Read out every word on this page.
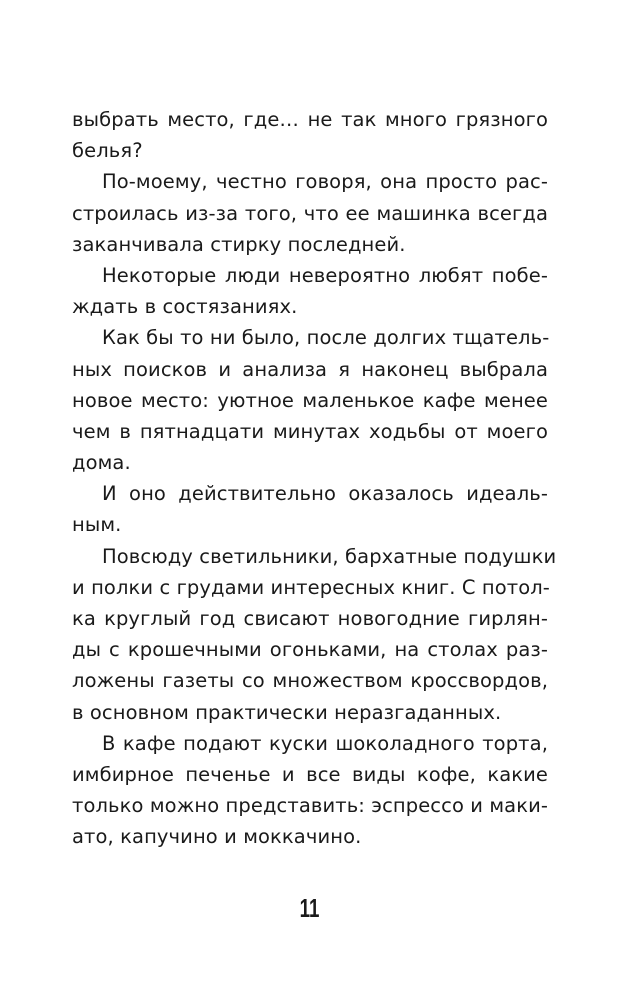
выбрать место, где… не так много грязного
белья?
По-моему, честно говоря, она просто рас-
строилась из-за того, что ее машинка всегда
заканчивала стирку последней.
Некоторые люди невероятно любят побе-
ждать в состязаниях.
Как бы то ни было, после долгих тщатель-
ных поисков и анализа я наконец выбрала
новое место: уютное маленькое кафе менее
чем в пятнадцати минутах ходьбы от моего
дома.
И оно действительно оказалось идеаль-
ным.
Повсюду светильники, бархатные подушки
и полки с грудами интересных книг. С потол-
ка круглый год свисают новогодние гирлян-
ды с крошечными огоньками, на столах раз-
ложены газеты со множеством кроссвордов,
в основном практически неразгаданных.
В кафе подают куски шоколадного торта,
имбирное печенье и все виды кофе, какие
только можно представить: эспрессо и маки-
ато, капучино и моккачино.
11
